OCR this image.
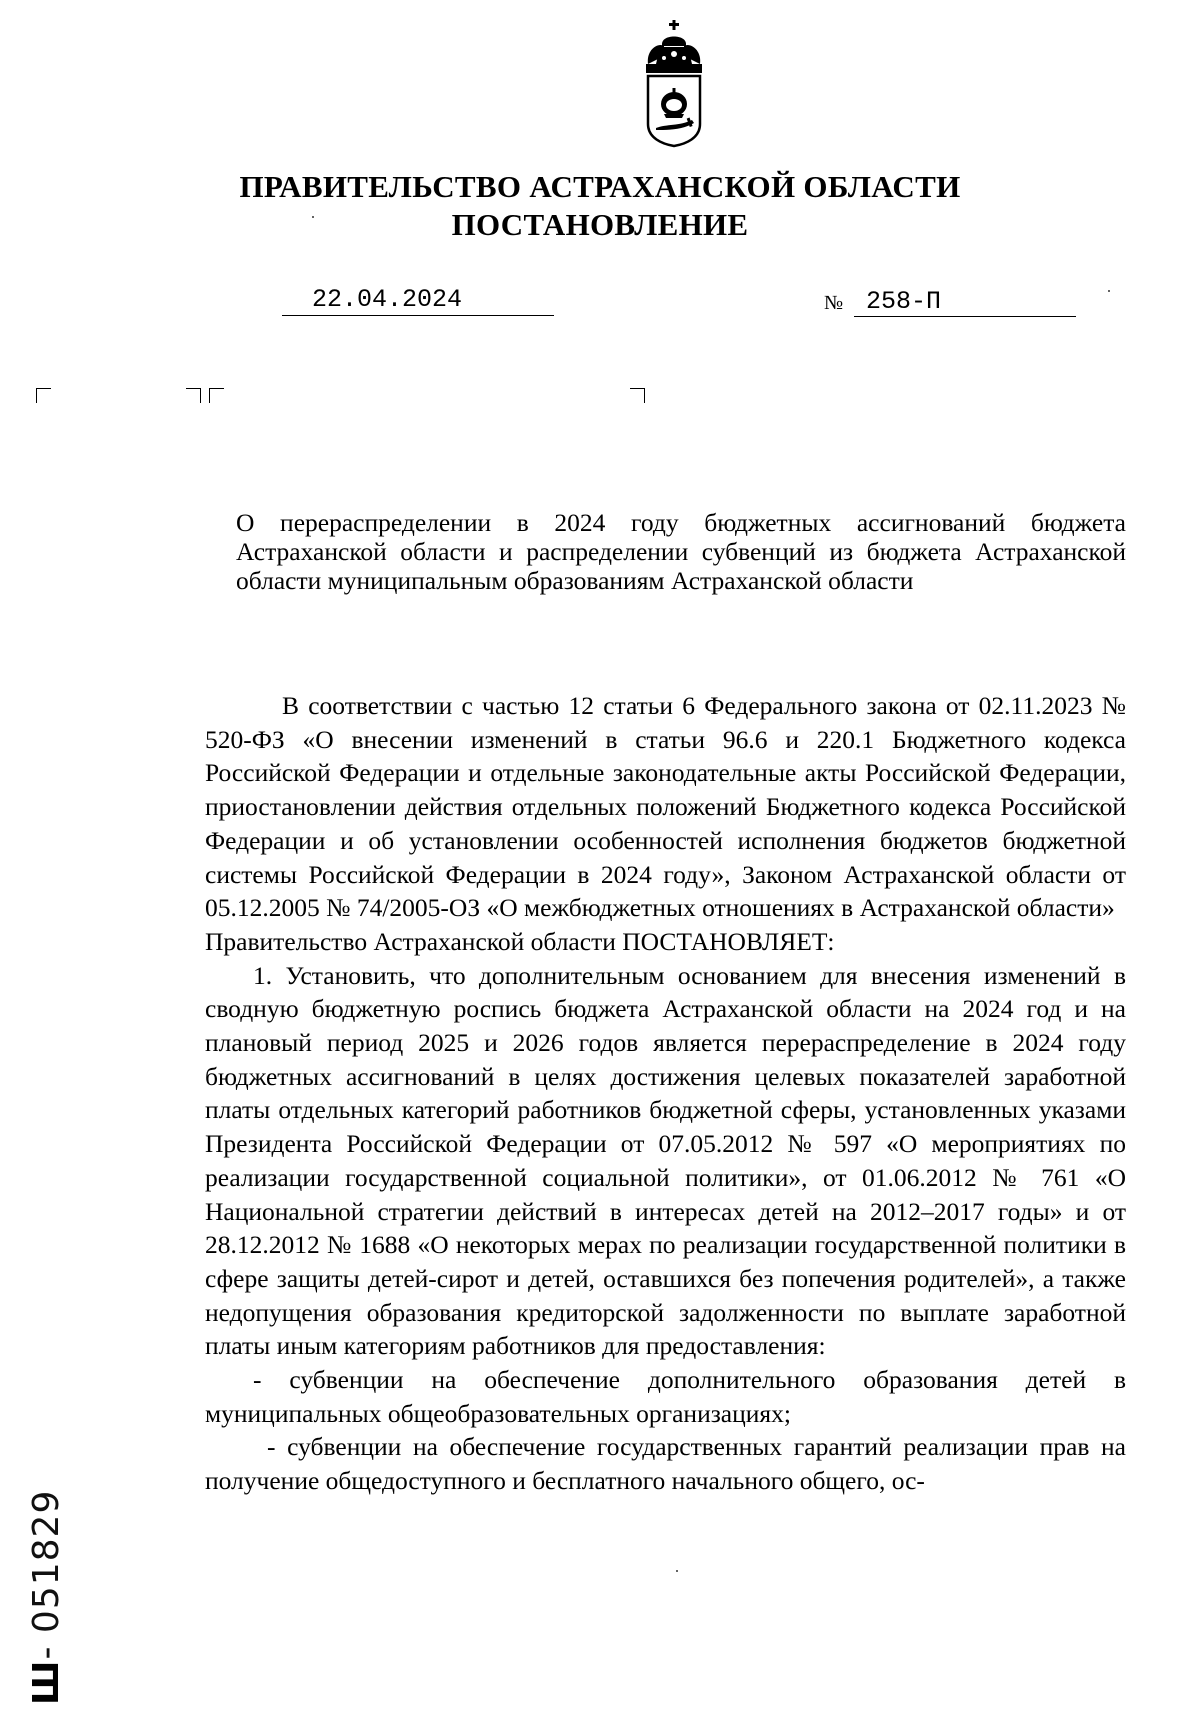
ПРАВИТЕЛЬСТВО АСТРАХАНСКОЙ ОБЛАСТИ
ПОСТАНОВЛЕНИЕ
22.04.2024	№ 258-П
О перераспределении в 2024 году бюджетных ассигнований бюджета Астраханской области и распределении субвенций из бюджета Астраханской области муниципальным образованиям Астраханской области

В соответствии с частью 12 статьи 6 Федерального закона от 02.11.2023 № 520-ФЗ «О внесении изменений в статьи 96.6 и 220.1 Бюджетного кодекса Российской Федерации и отдельные законодательные акты Российской Федерации, приостановлении действия отдельных положений Бюджетного кодекса Российской Федерации и об установлении особенностей исполнения бюджетов бюджетной системы Российской Федерации в 2024 году», Законом Астраханской области от 05.12.2005 № 74/2005-ОЗ «О межбюджетных отношениях в Астраханской области»

Правительство Астраханской области ПОСТАНОВЛЯЕТ:

1. Установить, что дополнительным основанием для внесения изменений в сводную бюджетную роспись бюджета Астраханской области на 2024 год и на плановый период 2025 и 2026 годов является перераспределение в 2024 году бюджетных ассигнований в целях достижения целевых показателей заработной платы отдельных категорий работников бюджетной сферы, установленных указами Президента Российской Федерации от 07.05.2012 № 597 «О мероприятиях по реализации государственной социальной политики», от 01.06.2012 № 761 «О Национальной стратегии действий в интересах детей на 2012–2017 годы» и от 28.12.2012 № 1688 «О некоторых мерах по реализации государственной политики в сфере защиты детей-сирот и детей, оставшихся без попечения родителей», а также недопущения образования кредиторской задолженности по выплате заработной платы иным категориям работников для предоставления:

- субвенции на обеспечение дополнительного образования детей в муниципальных общеобразовательных организациях;

- субвенции на обеспечение государственных гарантий реализации прав на получение общедоступного и бесплатного начального общего, ос-

Ш- 051829
